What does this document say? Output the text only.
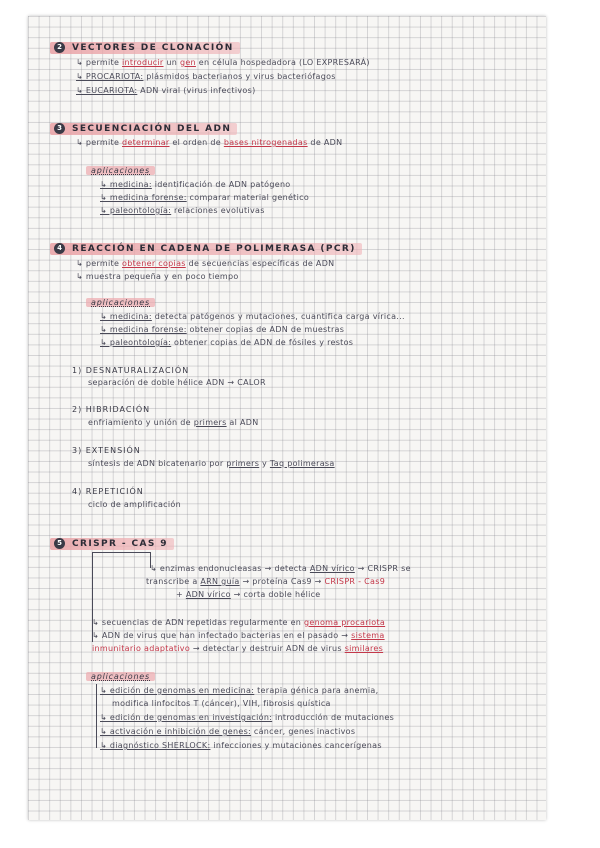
2	VECTORES DE CLONACIÓN
↳ permite introducir un gen en célula hospedadora (LO EXPRESARÁ)
↳ PROCARIOTA: plásmidos bacterianos y virus bacteriófagos
↳ EUCARIOTA: ADN viral (virus infectivos)
3	SECUENCIACIÓN DEL ADN
↳ permite determinar el orden de bases nitrogenadas de ADN
aplicaciones
↳ medicina: identificación de ADN patógeno
↳ medicina forense: comparar material genético
↳ paleontología: relaciones evolutivas
4	REACCIÓN EN CADENA DE POLIMERASA (PCR)
↳ permite obtener copias de secuencias específicas de ADN
↳ muestra pequeña y en poco tiempo
aplicaciones
↳ medicina: detecta patógenos y mutaciones, cuantifica carga vírica...
↳ medicina forense: obtener copias de ADN de muestras
↳ paleontología: obtener copias de ADN de fósiles y restos
1) DESNATURALIZACIÓN
separación de doble hélice ADN → CALOR
2) HIBRIDACIÓN
enfriamiento y unión de primers al ADN
3) EXTENSIÓN
síntesis de ADN bicatenario por primers y Taq polimerasa
4) REPETICIÓN
ciclo de amplificación
5	CRISPR - CAS 9
↳ enzimas endonucleasas → detecta ADN vírico → CRISPR se
transcribe a ARN guía → proteína Cas9 → CRISPR - Cas9
+ ADN vírico → corta doble hélice
↳ secuencias de ADN repetidas regularmente en genoma procariota
↳ ADN de virus que han infectado bacterias en el pasado → sistema
inmunitario adaptativo → detectar y destruir ADN de virus similares
aplicaciones
↳ edición de genomas en medicina: terapia génica para anemia,
modifica linfocitos T (cáncer), VIH, fibrosis quística
↳ edición de genomas en investigación: introducción de mutaciones
↳ activación e inhibición de genes: cáncer, genes inactivos
↳ diagnóstico SHERLOCK: infecciones y mutaciones cancerígenas
